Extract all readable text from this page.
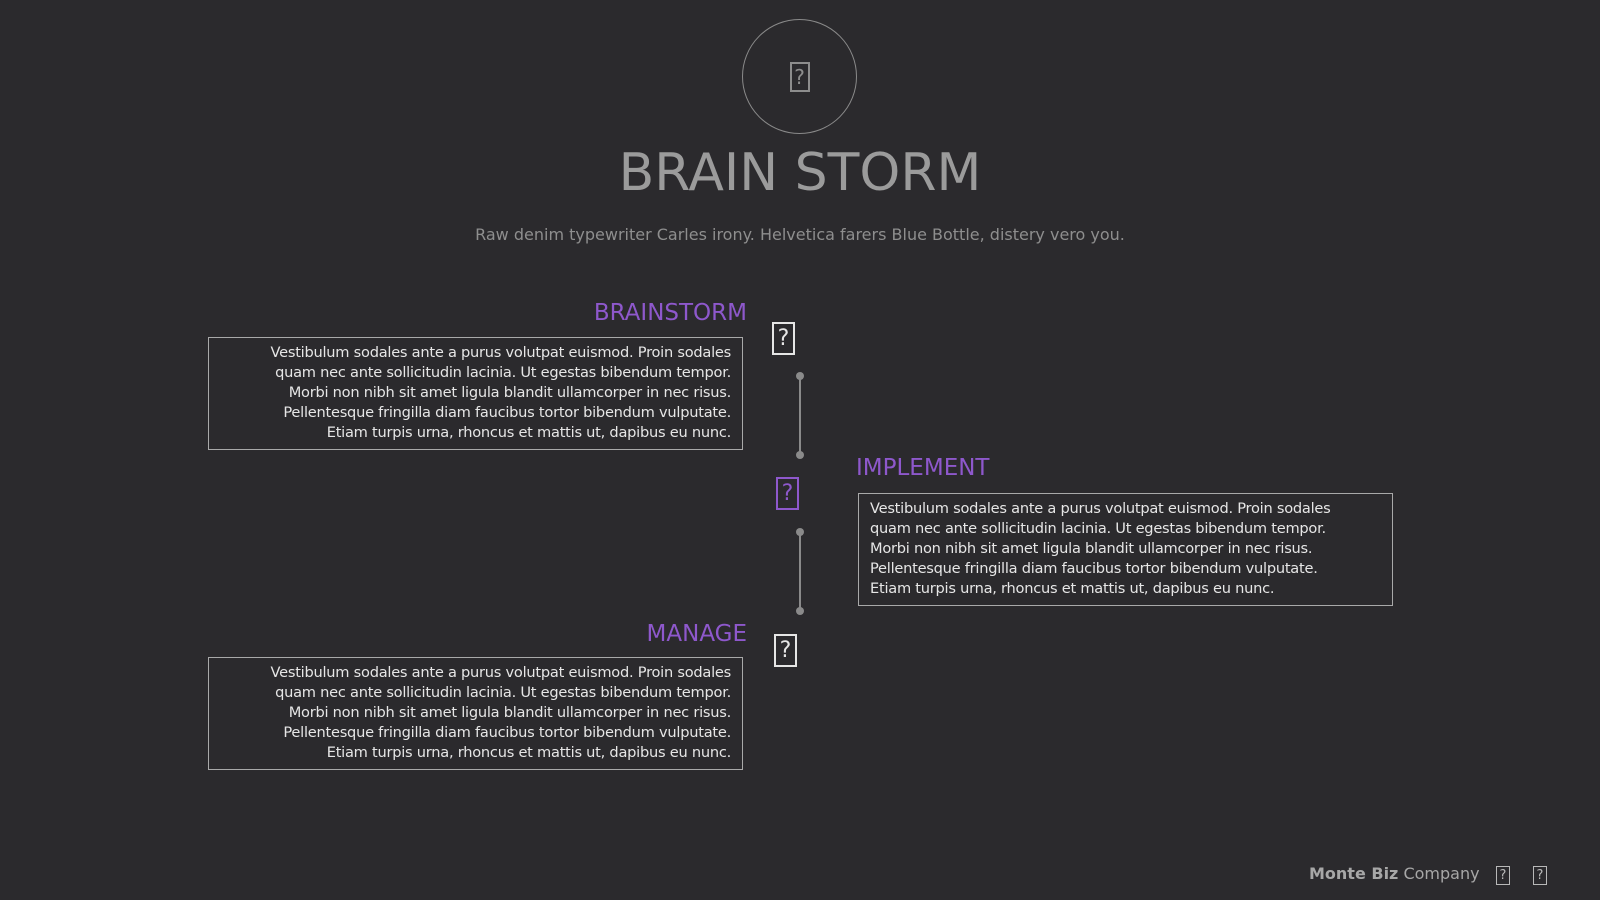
?
BRAIN STORM

Raw denim typewriter Carles irony. Helvetica farers Blue Bottle, distery vero you.

BRAINSTORM

Vestibulum sodales ante a purus volutpat euismod. Proin sodales

quam nec ante sollicitudin lacinia. Ut egestas bibendum tempor.

Morbi non nibh sit amet ligula blandit ullamcorper in nec risus.

Pellentesque fringilla diam faucibus tortor bibendum vulputate.

Etiam turpis urna, rhoncus et mattis ut, dapibus eu nunc.

?
?
IMPLEMENT

Vestibulum sodales ante a purus volutpat euismod. Proin sodales

quam nec ante sollicitudin lacinia. Ut egestas bibendum tempor.

Morbi non nibh sit amet ligula blandit ullamcorper in nec risus.

Pellentesque fringilla diam faucibus tortor bibendum vulputate.

Etiam turpis urna, rhoncus et mattis ut, dapibus eu nunc.

MANAGE

Vestibulum sodales ante a purus volutpat euismod. Proin sodales

quam nec ante sollicitudin lacinia. Ut egestas bibendum tempor.

Morbi non nibh sit amet ligula blandit ullamcorper in nec risus.

Pellentesque fringilla diam faucibus tortor bibendum vulputate.

Etiam turpis urna, rhoncus et mattis ut, dapibus eu nunc.

?
Monte Biz Company ? ?
